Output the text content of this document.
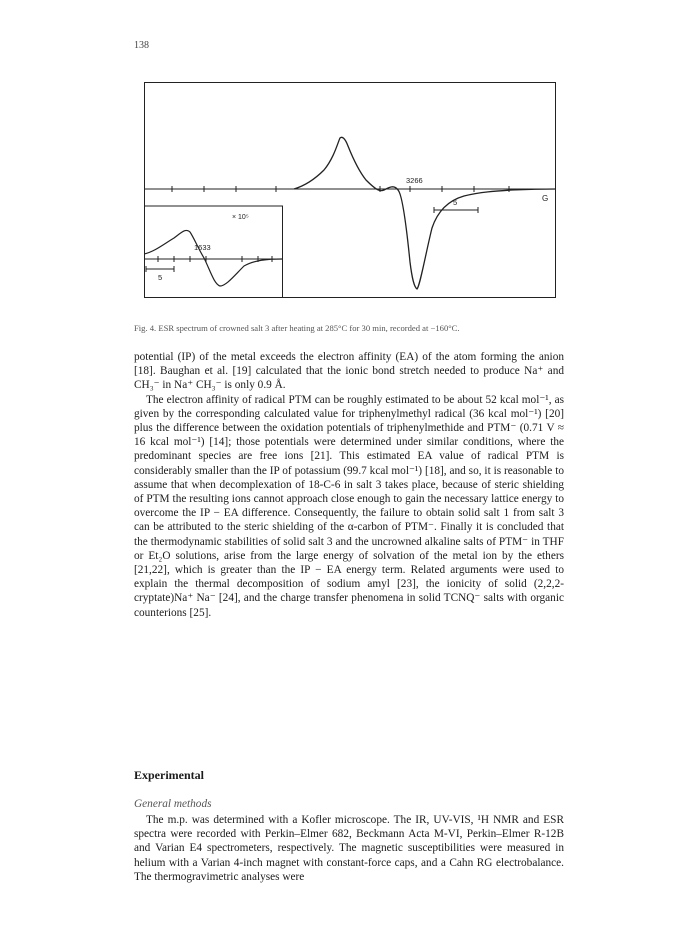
138
3266
5	G
× 10⁵
1633
5
Fig. 4. ESR spectrum of crowned salt 3 after heating at 285°C for 30 min, recorded at −160°C.

potential (IP) of the metal exceeds the electron affinity (EA) of the atom forming the anion [18]. Baughan et al. [19] calculated that the ionic bond stretch needed to produce Na⁺ and CH₃⁻ in Na⁺ CH₃⁻ is only 0.9 Å.

The electron affinity of radical PTM can be roughly estimated to be about 52 kcal mol⁻¹, as given by the corresponding calculated value for triphenylmethyl radical (36 kcal mol⁻¹) [20] plus the difference between the oxidation potentials of triphenylmethide and PTM⁻ (0.71 V ≈ 16 kcal mol⁻¹) [14]; those potentials were determined under similar conditions, where the predominant species are free ions [21]. This estimated EA value of radical PTM is considerably smaller than the IP of potassium (99.7 kcal mol⁻¹) [18], and so, it is reasonable to assume that when decomplexation of 18-C-6 in salt 3 takes place, because of steric shielding of PTM the resulting ions cannot approach close enough to gain the necessary lattice energy to overcome the IP − EA difference. Consequently, the failure to obtain solid salt 1 from salt 3 can be attributed to the steric shielding of the α-carbon of PTM⁻. Finally it is concluded that the thermodynamic stabilities of solid salt 3 and the uncrowned alkaline salts of PTM⁻ in THF or Et₂O solutions, arise from the large energy of solvation of the metal ion by the ethers [21,22], which is greater than the IP − EA energy term. Related arguments were used to explain the thermal decomposition of sodium amyl [23], the ionicity of solid (2,2,2-cryptate)Na⁺ Na⁻ [24], and the charge transfer phenomena in solid TCNQ⁻ salts with organic counterions [25].

Experimental
General methods

The m.p. was determined with a Kofler microscope. The IR, UV-VIS, ¹H NMR and ESR spectra were recorded with Perkin–Elmer 682, Beckmann Acta M-VI, Perkin–Elmer R-12B and Varian E4 spectrometers, respectively. The magnetic susceptibilities were measured in helium with a Varian 4-inch magnet with constant-force caps, and a Cahn RG electrobalance. The thermogravimetric analyses were
